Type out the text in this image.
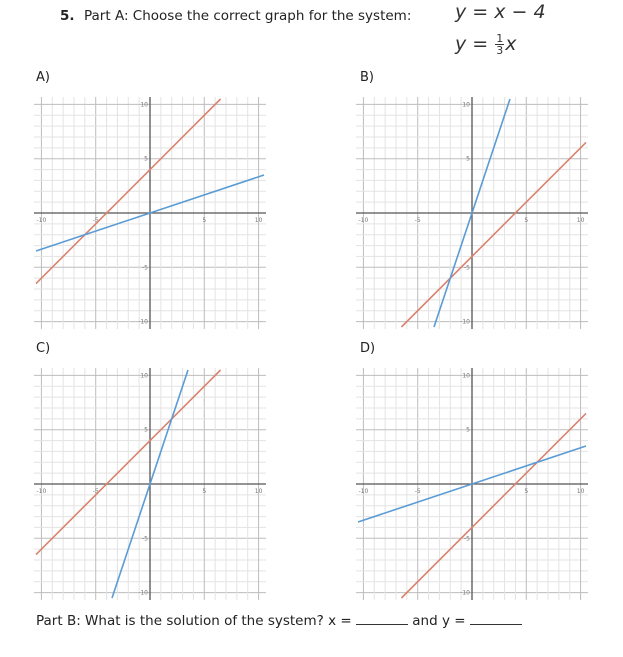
5. Part A: Choose the correct graph for the system: y = x − 4
$y = \frac{1}{3}$ x
A)	B)
C)	D)
-10	-5	5	10
10
5
-5
-10
-10	-5	5	10
10
5
-5
-10
-10	-5	5	10
10
5
-5
-10
-10	-5	5	10
10
5
-5
-10
Part B: What is the solution of the system? x =	and y =
